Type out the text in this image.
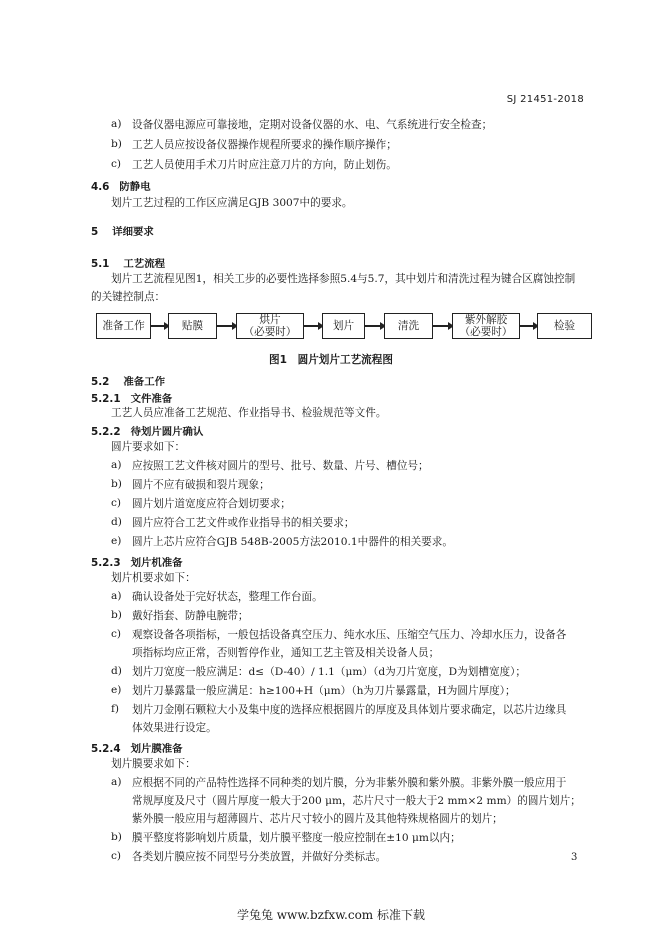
SJ 21451-2018
a) 设备仪器电源应可靠接地，定期对设备仪器的水、电、气系统进行安全检查；
b) 工艺人员应按设备仪器操作规程所要求的操作顺序操作；
c) 工艺人员使用手术刀片时应注意刀片的方向，防止划伤。
4.6 防静电
划片工艺过程的工作区应满足GJB 3007中的要求。
5 详细要求
5.1 工艺流程
划片工艺流程见图1，相关工步的必要性选择参照5.4与5.7，其中划片和清洗过程为键合区腐蚀控制
的关键控制点：
准备工作	贴膜	烘片
（必要时）	划片	清洗	紫外解胶
（必要时）	检验
图1　圆片划片工艺流程图
5.2 准备工作
5.2.1 文件准备
工艺人员应准备工艺规范、作业指导书、检验规范等文件。
5.2.2 待划片圆片确认
圆片要求如下：
a) 应按照工艺文件核对圆片的型号、批号、数量、片号、槽位号；
b) 圆片不应有破损和裂片现象；
c) 圆片划片道宽度应符合划切要求；
d) 圆片应符合工艺文件或作业指导书的相关要求；
e) 圆片上芯片应符合GJB 548B-2005方法2010.1中器件的相关要求。
5.2.3 划片机准备
划片机要求如下：
a) 确认设备处于完好状态，整理工作台面。
b) 戴好指套、防静电腕带；
c) 观察设备各项指标，一般包括设备真空压力、纯水水压、压缩空气压力、冷却水压力，设备各
项指标均应正常，否则暂停作业，通知工艺主管及相关设备人员；
d) 划片刀宽度一般应满足：d≤（D-40）/ 1.1（μm）（d为刀片宽度，D为划槽宽度）；
e) 划片刀暴露量一般应满足：h≥100+H（μm）（h为刀片暴露量，H为圆片厚度）；
f) 划片刀金刚石颗粒大小及集中度的选择应根据圆片的厚度及具体划片要求确定，以芯片边缘具
体效果进行设定。
5.2.4 划片膜准备
划片膜要求如下：
a) 应根据不同的产品特性选择不同种类的划片膜，分为非紫外膜和紫外膜。非紫外膜一般应用于
常规厚度及尺寸（圆片厚度一般大于200 μm，芯片尺寸一般大于2 mm×2 mm）的圆片划片；
紫外膜一般应用与超薄圆片、芯片尺寸较小的圆片及其他特殊规格圆片的划片；
b) 膜平整度将影响划片质量，划片膜平整度一般应控制在±10 μm以内；
c) 各类划片膜应按不同型号分类放置，并做好分类标志。	3
学兔兔 www.bzfxw.com 标准下载
